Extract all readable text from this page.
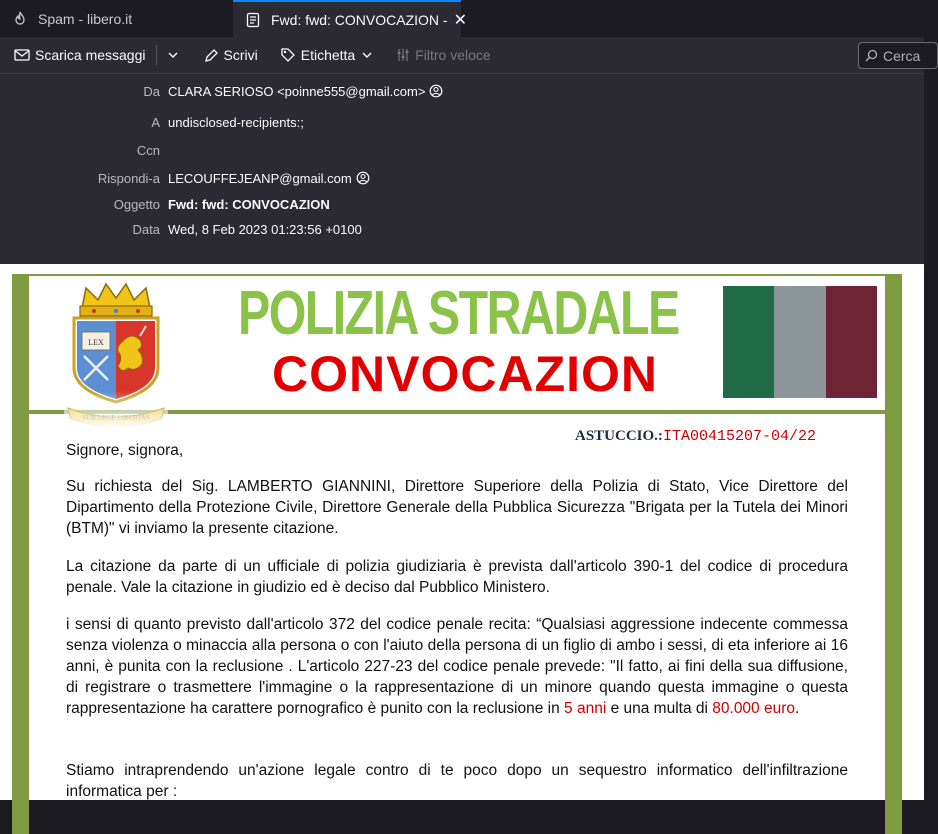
Spam - libero.it	Fwd: fwd: CONVOCAZION - ✕
Scarica messaggi	Scrivi	Etichetta	Filtro veloce	Cerca
Da CLARA SERIOSO <poinne555@gmail.com>
A undisclosed-recipients:;
Ccn
Rispondi-a LECOUFFEJEANP@gmail.com
Oggetto Fwd: fwd: CONVOCAZION
Data Wed, 8 Feb 2023 01:23:56 +0100
POLIZIA STRADALE
CONVOCAZION
ASTUCCIO.:ITA00415207-04/22
Signore, signora,
Su richiesta del Sig. LAMBERTO GIANNINI, Direttore Superiore della Polizia di Stato, Vice Direttore del Dipartimento della Protezione Civile, Direttore Generale della Pubblica Sicurezza "Brigata per la Tutela dei Minori (BTM)" vi inviamo la presente citazione.
La citazione da parte di un ufficiale di polizia giudiziaria è prevista dall'articolo 390-1 del codice di procedura penale. Vale la citazione in giudizio ed è deciso dal Pubblico Ministero.
i sensi di quanto previsto dall'articolo 372 del codice penale recita: “Qualsiasi aggressione indecente commessa senza violenza o minaccia alla persona o con l'aiuto della persona di un figlio di ambo i sessi, di eta inferiore ai 16 anni, è punita con la reclusione . L'articolo 227-23 del codice penale prevede: "Il fatto, ai fini della sua diffusione, di registrare o trasmettere l'immagine o la rappresentazione di un minore quando questa immagine o questa rappresentazione ha carattere pornografico è punito con la reclusione in 5 anni e una multa di 80.000 euro.
Stiamo intraprendendo un'azione legale contro di te poco dopo un sequestro informatico dell'infiltrazione informatica per :
